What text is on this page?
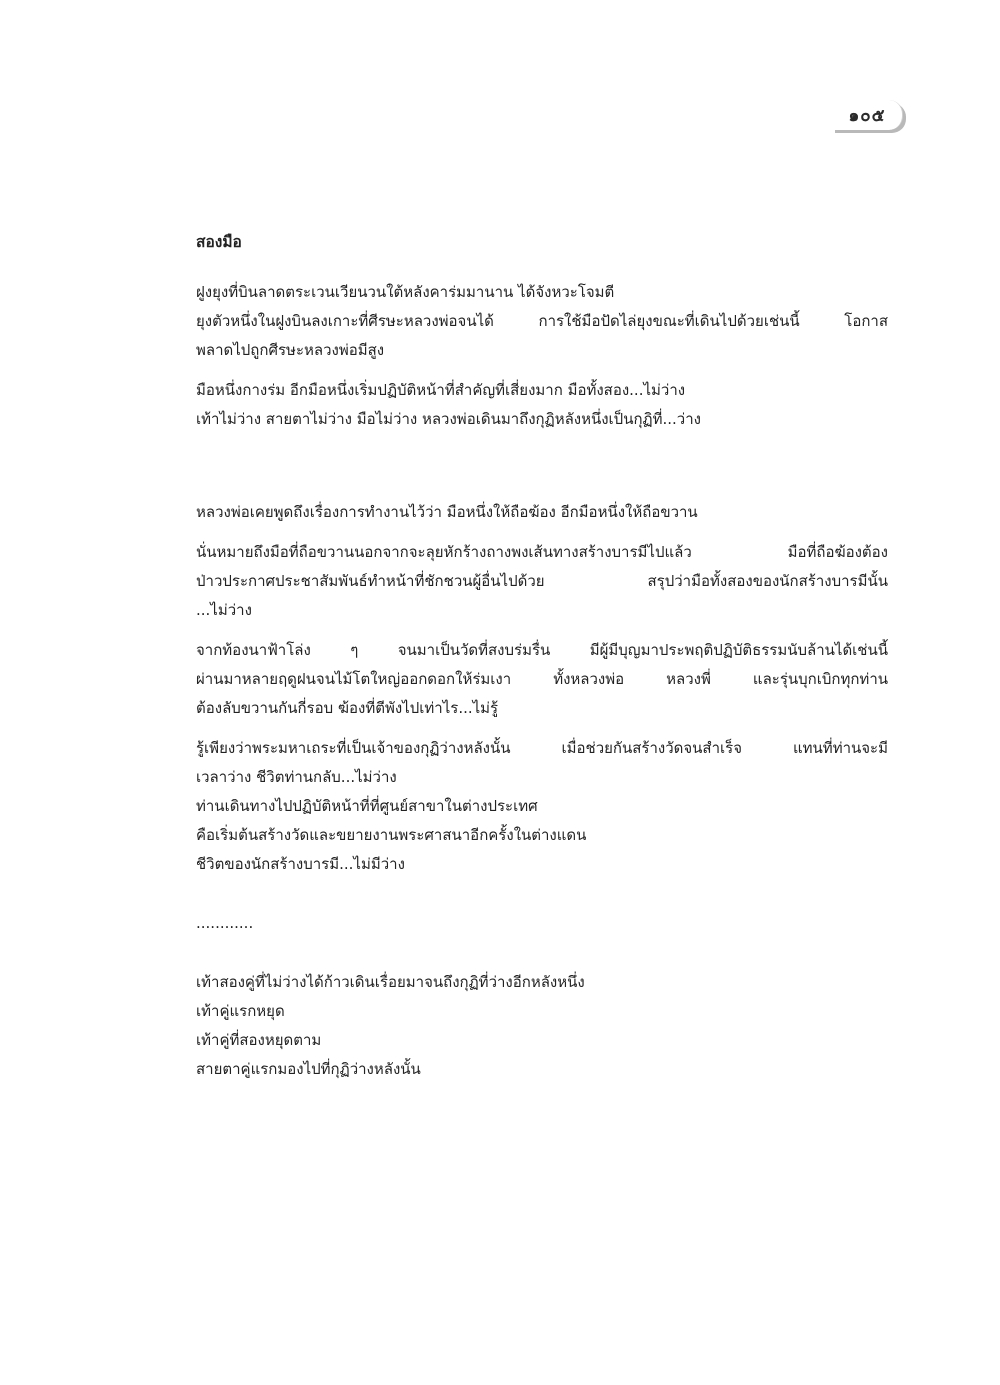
๑๐๕
สองมือ
ฝูงยุงที่บินลาดตระเวนเวียนวนใต้หลังคาร่มมานาน ได้จังหวะโจมตี
ยุงตัวหนึ่งในฝูงบินลงเกาะที่ศีรษะหลวงพ่อจนได้ การใช้มือปัดไล่ยุงขณะที่เดินไปด้วยเช่นนี้ โอกาส
พลาดไปถูกศีรษะหลวงพ่อมีสูง
มือหนึ่งกางร่ม อีกมือหนึ่งเริ่มปฏิบัติหน้าที่สำคัญที่เสี่ยงมาก มือทั้งสอง...ไม่ว่าง
เท้าไม่ว่าง สายตาไม่ว่าง มือไม่ว่าง หลวงพ่อเดินมาถึงกุฏิหลังหนึ่งเป็นกุฏิที่...ว่าง
หลวงพ่อเคยพูดถึงเรื่องการทำงานไว้ว่า มือหนึ่งให้ถือฆ้อง อีกมือหนึ่งให้ถือขวาน
นั่นหมายถึงมือที่ถือขวานนอกจากจะลุยหักร้างถางพงเส้นทางสร้างบารมีไปแล้ว มือที่ถือฆ้องต้อง
ป่าวประกาศประชาสัมพันธ์ทำหน้าที่ชักชวนผู้อื่นไปด้วย สรุปว่ามือทั้งสองของนักสร้างบารมีนั้น
...ไม่ว่าง
จากท้องนาฟ้าโล่ง ๆ จนมาเป็นวัดที่สงบร่มรื่น มีผู้มีบุญมาประพฤติปฏิบัติธรรมนับล้านได้เช่นนี้
ผ่านมาหลายฤดูฝนจนไม้โตใหญ่ออกดอกให้ร่มเงา ทั้งหลวงพ่อ หลวงพี่ และรุ่นบุกเบิกทุกท่าน
ต้องลับขวานกันกี่รอบ ฆ้องที่ตีพังไปเท่าไร...ไม่รู้
รู้เพียงว่าพระมหาเถระที่เป็นเจ้าของกุฏิว่างหลังนั้น เมื่อช่วยกันสร้างวัดจนสำเร็จ แทนที่ท่านจะมี
เวลาว่าง ชีวิตท่านกลับ...ไม่ว่าง
ท่านเดินทางไปปฏิบัติหน้าที่ที่ศูนย์สาขาในต่างประเทศ
คือเริ่มต้นสร้างวัดและขยายงานพระศาสนาอีกครั้งในต่างแดน
ชีวิตของนักสร้างบารมี...ไม่มีว่าง
............
เท้าสองคู่ที่ไม่ว่างได้ก้าวเดินเรื่อยมาจนถึงกุฏิที่ว่างอีกหลังหนึ่ง
เท้าคู่แรกหยุด
เท้าคู่ที่สองหยุดตาม
สายตาคู่แรกมองไปที่กุฏิว่างหลังนั้น
